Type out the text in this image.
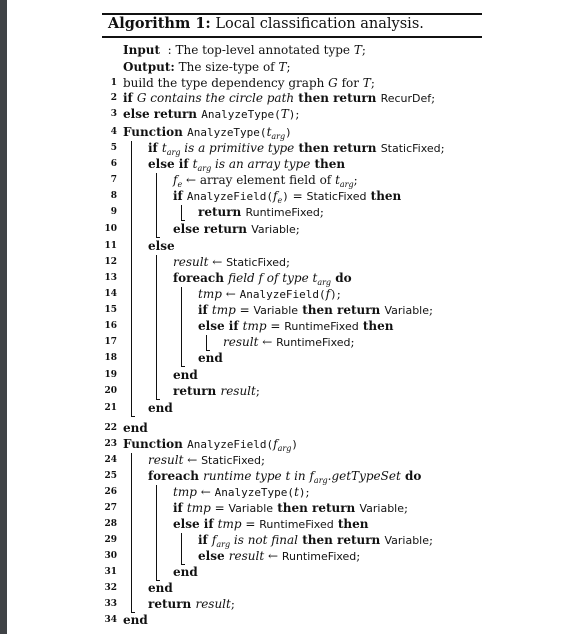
Algorithm 1: Local classification analysis.
Input  : The top-level annotated type T;
Output: The size-type of T;
1 build the type dependency graph G for T;
2 if G contains the circle path then return RecurDef;
3 else return AnalyzeType(T);
4 Function $AnalyzeType(t_{arg})$
5	if $t_{arg}$ is a primitive type then return StaticFixed;
6	else if $t_{arg}$ is an array type then
7	$f_e$ ← array element field of $t_{arg}$;
8	if $AnalyzeField(f_e)$ = StaticFixed then
9	return RuntimeFixed;
10	else return Variable;
11	else
12	result ← StaticFixed;
13	foreach field f of type $t_{arg}$ do
14	tmp ← AnalyzeField(f);
15	if tmp = Variable then return Variable;
16	else if tmp = RuntimeFixed then
17	result ← RuntimeFixed;
18	end
19	end
20	return result;
21	end
22 end
23 Function $AnalyzeField(f_{arg})$
24	result ← StaticFixed;
25	foreach runtime type t in $f_{arg}.getTypeSet$ do
26	tmp ← AnalyzeType(t);
27	if tmp = Variable then return Variable;
28	else if tmp = RuntimeFixed then
29	if $f_{arg}$ is not final then return Variable;
30	else result ← RuntimeFixed;
31	end
32	end
33	return result;
34 end
